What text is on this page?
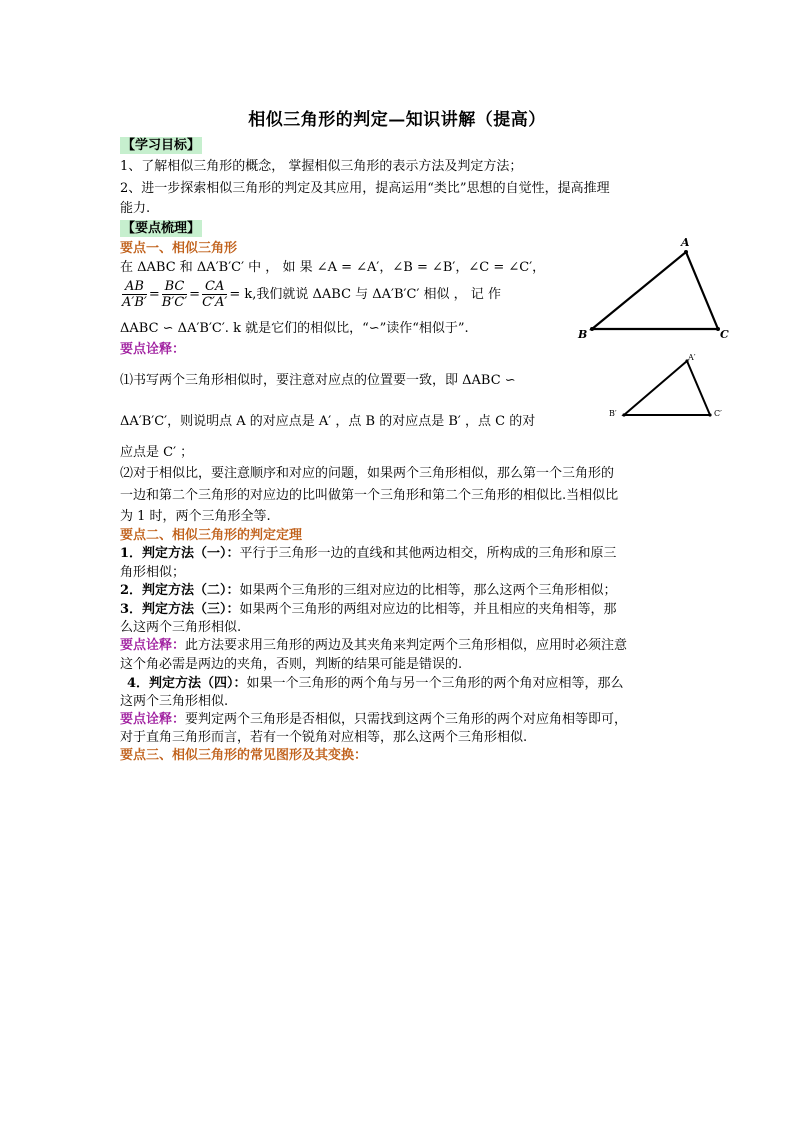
相似三角形的判定—知识讲解（提高）
【学习目标】
1、了解相似三角形的概念， 掌握相似三角形的表示方法及判定方法；
2、进一步探索相似三角形的判定及其应用，提高运用“类比”思想的自觉性，提高推理
能力.
【要点梳理】
要点一、相似三角形
在 ΔABC 和 ΔA′B′C′ 中 ， 如 果 ∠A = ∠A′，∠B = ∠B′，∠C = ∠C′，
$\frac{AB}{A'B'} = \frac{BC}{B'C'} = \frac{CA}{C'A'} = k$,我们就说 ΔABC 与 ΔA′B′C′ 相似 ， 记 作
ΔABC ∽ ΔA′B′C′. k 就是它们的相似比，“∽”读作“相似于”.
要点诠释：
⑴书写两个三角形相似时，要注意对应点的位置要一致，即 ΔABC ∽
ΔA′B′C′，则说明点 A 的对应点是 A′ ，点 B 的对应点是 B′ ，点 C 的对
应点是 C′ ；
⑵对于相似比，要注意顺序和对应的问题，如果两个三角形相似，那么第一个三角形的
一边和第二个三角形的对应边的比叫做第一个三角形和第二个三角形的相似比.当相似比
为 1 时，两个三角形全等.
要点二、相似三角形的判定定理
1．判定方法（一）：平行于三角形一边的直线和其他两边相交，所构成的三角形和原三
角形相似；
2．判定方法（二）：如果两个三角形的三组对应边的比相等，那么这两个三角形相似；
3．判定方法（三）：如果两个三角形的两组对应边的比相等，并且相应的夹角相等，那
么这两个三角形相似.
要点诠释：此方法要求用三角形的两边及其夹角来判定两个三角形相似，应用时必须注意
这个角必需是两边的夹角，否则，判断的结果可能是错误的.
4．判定方法（四）：如果一个三角形的两个角与另一个三角形的两个角对应相等，那么
这两个三角形相似.
要点诠释：要判定两个三角形是否相似，只需找到这两个三角形的两个对应角相等即可，
对于直角三角形而言，若有一个锐角对应相等，那么这两个三角形相似.
要点三、相似三角形的常见图形及其变换：
A
B	C
A′
B′	C′
